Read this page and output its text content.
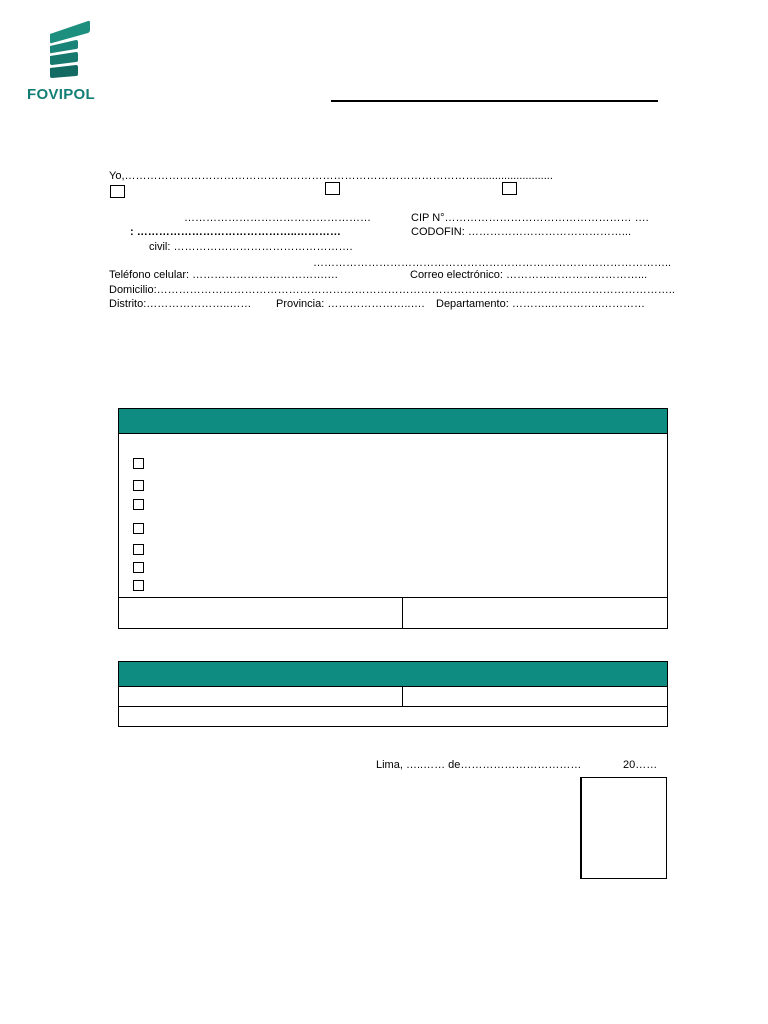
FOVIPOL
Yo,…………………………………………………………………………………….........................
……………………………………………	CIP N°…………………………………………… ….
: ……………………………………..…………	CODOFIN: ……………………………………...
civil: ………………………………………….
……………………………………………………………………………………..
Teléfono celular: ……………………………….…	Correo electrónico: ………………………………...
Domicilio:……………………………………………………………………………………..……………………………………..
Distrito:…………………..…… Provincia: …………………..…. Departamento: ………..…………..…………
Lima, …..…… de……………………………	20……
